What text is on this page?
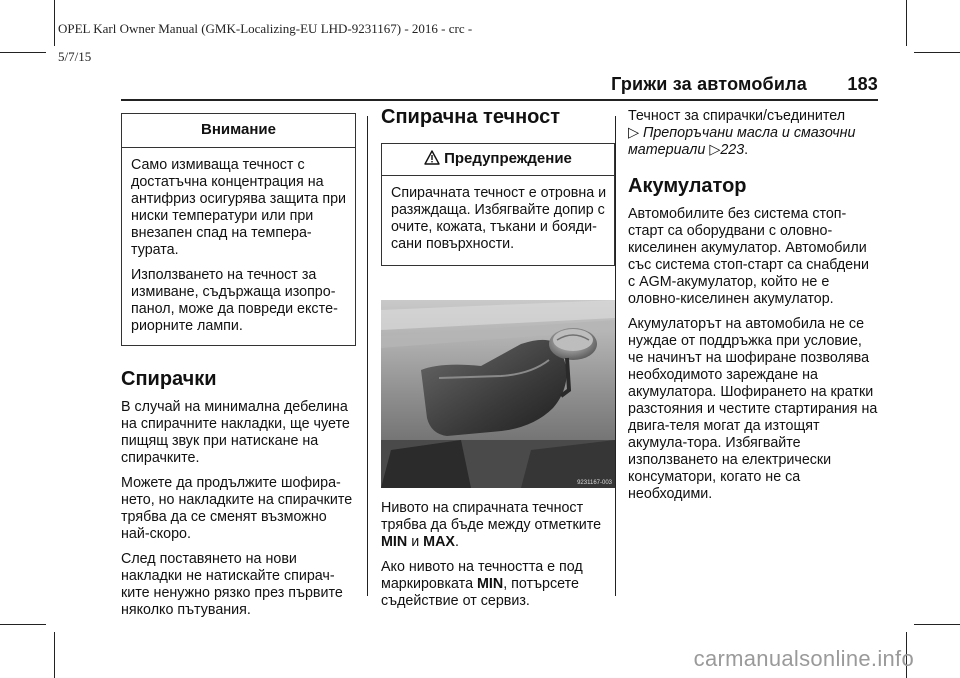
OPEL Karl Owner Manual (GMK-Localizing-EU LHD-9231167) - 2016 - crc -

5/7/15

Грижи за автомобила 183
Внимание

Само измиваща течност с достатъчна концентрация на антифриз осигурява защита при ниски температури или при внезапен спад на темпера-турата.

Използването на течност за измиване, съдържаща изопро-панол, може да повреди екстe-риорните лампи.

Спирачки

В случай на минимална дебелина на спирачните накладки, ще чуете пищящ звук при натискане на спирачките.

Можете да продължите шофира-нето, но накладките на спирачките трябва да се сменят възможно най-скоро.

След поставянето на нови накладки не натискайте спирач-ките ненужно рязко през първите няколко пътувания.

Спирачна течност
Предупреждение

Спирачната течност е отровна и разяждаща. Избягвайте допир с очите, кожата, тъкани и бояди-сани повърхности.

9231167-003

Нивото на спирачната течност трябва да бъде между отметките MIN и MAX.

Ако нивото на течността е под маркировката MIN, потърсете съдействие от сервиз.

Течност за спирачки/съединител
▷ Препоръчани масла и смазочни материали ▷223.

Акумулатор

Автомобилите без система стоп-старт са оборудвани с оловно-киселинен акумулатор. Автомобили със система стоп-старт са снабдени с AGM-акумулатор, който не е оловно-киселинен акумулатор.

Акумулаторът на автомобила не се нуждае от поддръжка при условие, че начинът на шофиране позволява необходимото зареждане на акумулатора. Шофирането на кратки разстояния и честите стартирания на двига-теля могат да изтощят акумула-тора. Избягвайте използването на електрически консуматори, когато не са необходими.

carmanualsonline.info
